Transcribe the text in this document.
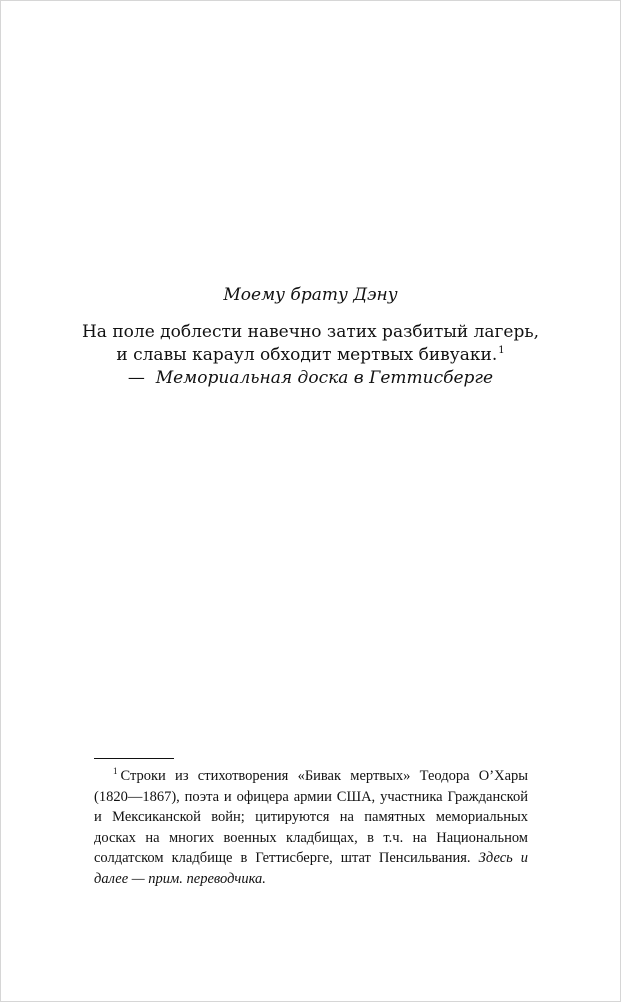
Моему брату Дэну
На поле доблести навечно затих разбитый лагерь,
и славы караул обходит мертвых бивуаки.$^1$
— Мемориальная доска в Геттисберге
$^1$ Строки из стихотворения «Бивак мертвых» Теодора О’Хары (1820—1867), поэта и офицера армии США, участника Гражданской и Мексиканской войн; цитируются на памятных мемориальных досках на многих военных кладбищах, в т.ч. на Национальном солдатском кладбище в Геттисберге, штат Пенсильвания. Здесь и далее — прим. переводчика.
